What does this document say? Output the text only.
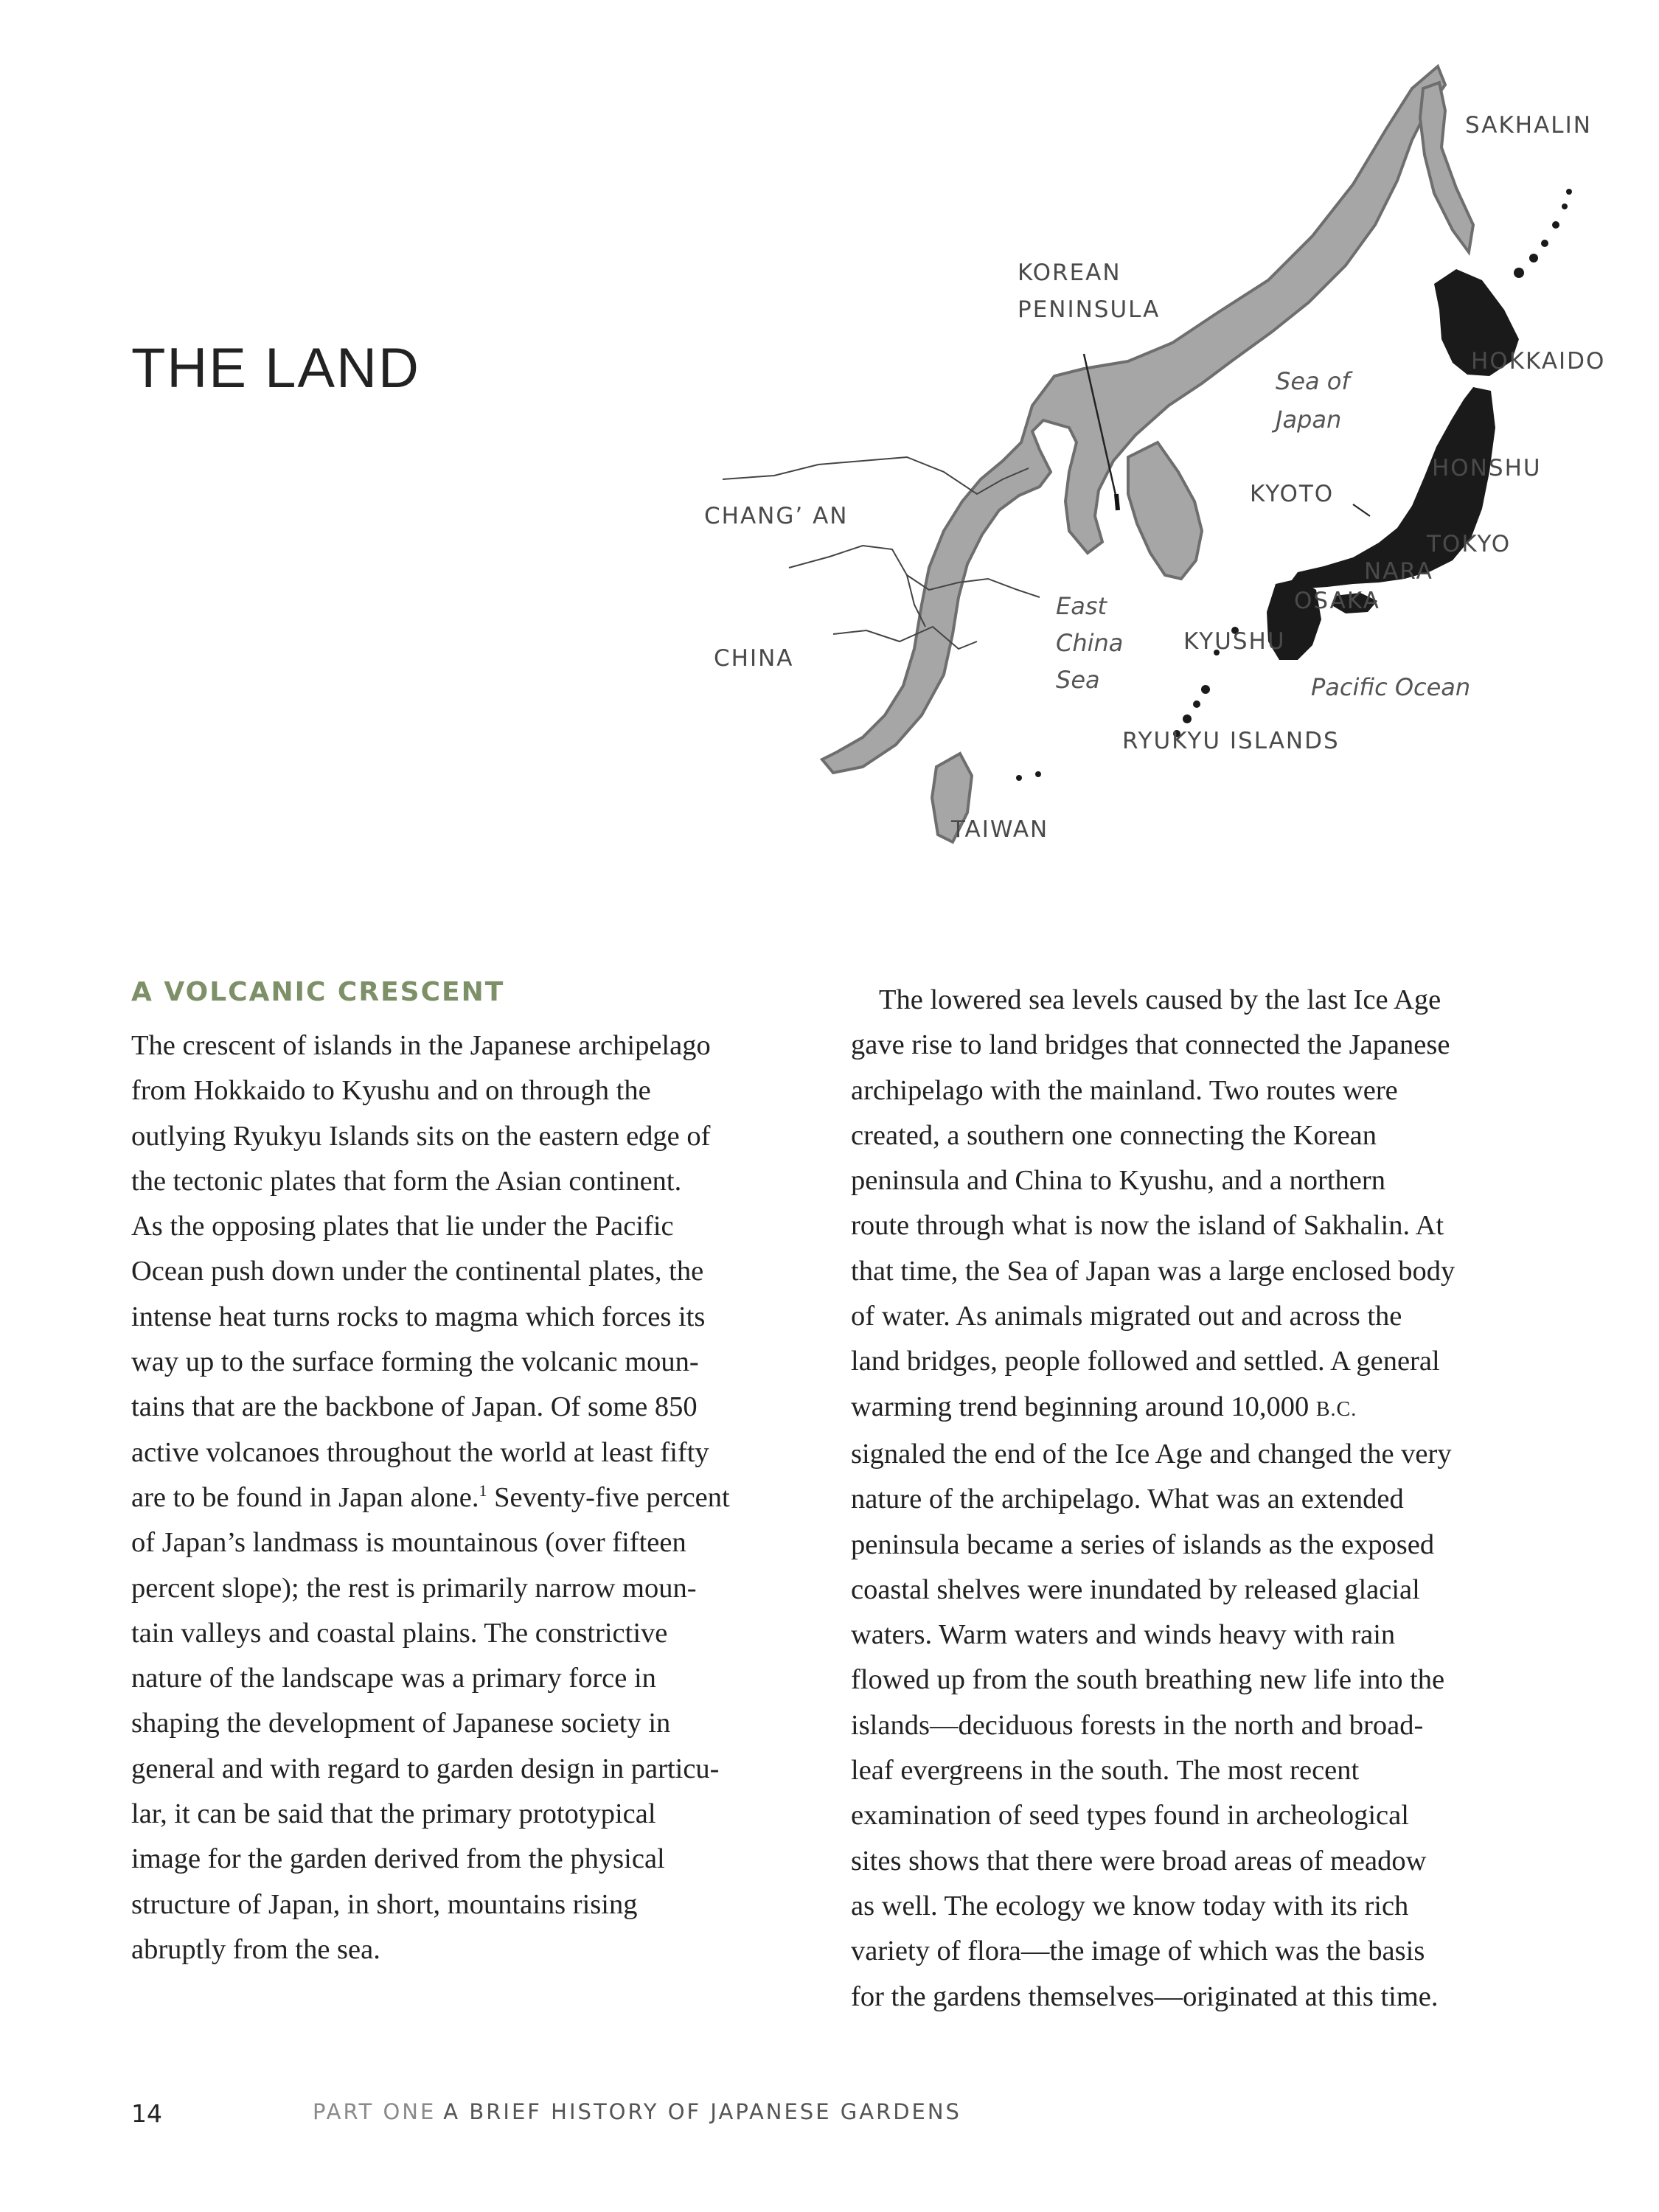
THE LAND
SAKHALIN
KOREAN
PENINSULA
HOKKAIDO
Sea of
Japan
HONSHU
KYOTO
CHANG’ AN
TOKYO
NARA
OSAKA
East
China
Sea
CHINA
KYUSHU
Pacific Ocean
RYUKYU ISLANDS
TAIWAN
A VOLCANIC CRESCENT
The crescent of islands in the Japanese archipelago
from Hokkaido to Kyushu and on through the
outlying Ryukyu Islands sits on the eastern edge of
the tectonic plates that form the Asian continent.
As the opposing plates that lie under the Pacific
Ocean push down under the continental plates, the
intense heat turns rocks to magma which forces its
way up to the surface forming the volcanic moun-
tains that are the backbone of Japan. Of some 850
active volcanoes throughout the world at least fifty
are to be found in Japan alone.$^1$ Seventy-five percent
of Japan’s landmass is mountainous (over fifteen
percent slope); the rest is primarily narrow moun-
tain valleys and coastal plains. The constrictive
nature of the landscape was a primary force in
shaping the development of Japanese society in
general and with regard to garden design in particu-
lar, it can be said that the primary prototypical
image for the garden derived from the physical
structure of Japan, in short, mountains rising
abruptly from the sea.
The lowered sea levels caused by the last Ice Age
gave rise to land bridges that connected the Japanese
archipelago with the mainland. Two routes were
created, a southern one connecting the Korean
peninsula and China to Kyushu, and a northern
route through what is now the island of Sakhalin. At
that time, the Sea of Japan was a large enclosed body
of water. As animals migrated out and across the
land bridges, people followed and settled. A general
warming trend beginning around 10,000 B.C.
signaled the end of the Ice Age and changed the very
nature of the archipelago. What was an extended
peninsula became a series of islands as the exposed
coastal shelves were inundated by released glacial
waters. Warm waters and winds heavy with rain
flowed up from the south breathing new life into the
islands—deciduous forests in the north and broad-
leaf evergreens in the south. The most recent
examination of seed types found in archeological
sites shows that there were broad areas of meadow
as well. The ecology we know today with its rich
variety of flora—the image of which was the basis
for the gardens themselves—originated at this time.
14	PART ONE A BRIEF HISTORY OF JAPANESE GARDENS
